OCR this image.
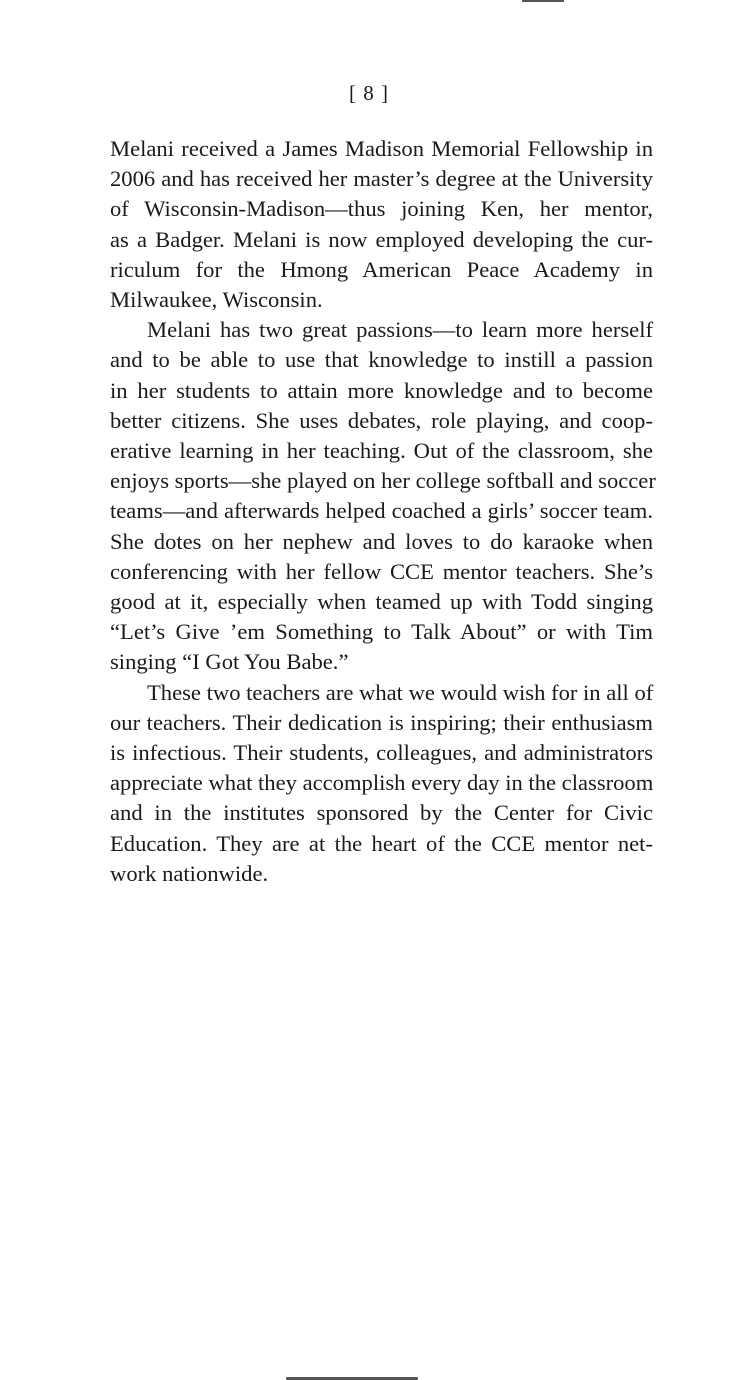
[ 8 ]

Melani received a James Madison Memorial Fellowship in
2006 and has received her master’s degree at the University
of Wisconsin-Madison—thus joining Ken, her mentor,
as a Badger. Melani is now employed developing the cur-
riculum for the Hmong American Peace Academy in
Milwaukee, Wisconsin.

Melani has two great passions—to learn more herself
and to be able to use that knowledge to instill a passion
in her students to attain more knowledge and to become
better citizens. She uses debates, role playing, and coop-
erative learning in her teaching. Out of the classroom, she
enjoys sports—she played on her college softball and soccer
teams—and afterwards helped coached a girls’ soccer team.
She dotes on her nephew and loves to do karaoke when
conferencing with her fellow CCE mentor teachers. She’s
good at it, especially when teamed up with Todd singing
“Let’s Give ’em Something to Talk About” or with Tim
singing “I Got You Babe.”

These two teachers are what we would wish for in all of
our teachers. Their dedication is inspiring; their enthusiasm
is infectious. Their students, colleagues, and administrators
appreciate what they accomplish every day in the classroom
and in the institutes sponsored by the Center for Civic
Education. They are at the heart of the CCE mentor net-
work nationwide.
